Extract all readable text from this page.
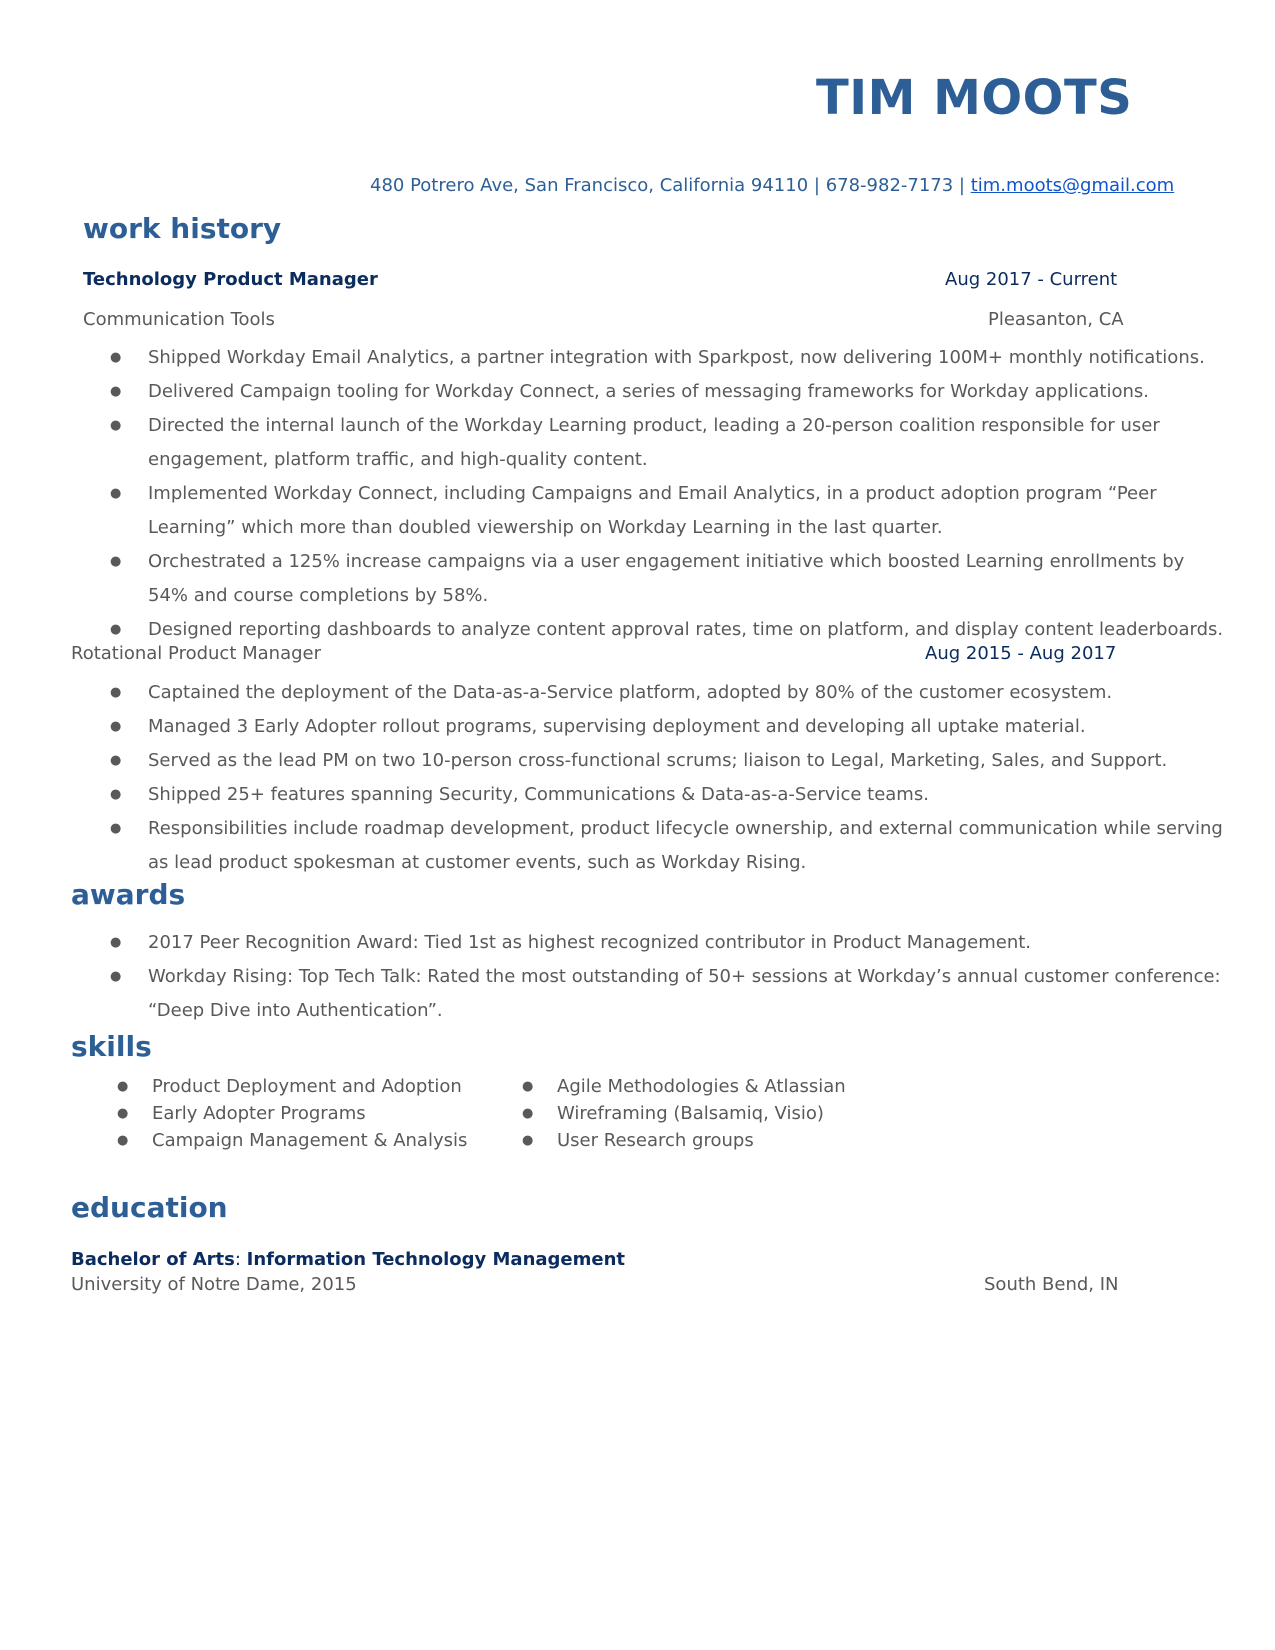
TIM MOOTS
480 Potrero Ave, San Francisco, California 94110 | 678-982-7173 | tim.moots@gmail.com
work history
Technology Product Manager	Aug 2017 - Current
Communication Tools	Pleasanton, CA
● Shipped Workday Email Analytics, a partner integration with Sparkpost, now delivering 100M+ monthly notifications.
● Delivered Campaign tooling for Workday Connect, a series of messaging frameworks for Workday applications.
● Directed the internal launch of the Workday Learning product, leading a 20-person coalition responsible for user engagement, platform traffic, and high-quality content.
● Implemented Workday Connect, including Campaigns and Email Analytics, in a product adoption program “Peer Learning” which more than doubled viewership on Workday Learning in the last quarter.
● Orchestrated a 125% increase campaigns via a user engagement initiative which boosted Learning enrollments by 54% and course completions by 58%.
● Designed reporting dashboards to analyze content approval rates, time on platform, and display content leaderboards.
Rotational Product Manager	Aug 2015 - Aug 2017
● Captained the deployment of the Data-as-a-Service platform, adopted by 80% of the customer ecosystem.
● Managed 3 Early Adopter rollout programs, supervising deployment and developing all uptake material.
● Served as the lead PM on two 10-person cross-functional scrums; liaison to Legal, Marketing, Sales, and Support.
● Shipped 25+ features spanning Security, Communications & Data-as-a-Service teams.
● Responsibilities include roadmap development, product lifecycle ownership, and external communication while serving as lead product spokesman at customer events, such as Workday Rising.
awards
● 2017 Peer Recognition Award: Tied 1st as highest recognized contributor in Product Management.
● Workday Rising: Top Tech Talk: Rated the most outstanding of 50+ sessions at Workday’s annual customer conference: “Deep Dive into Authentication”.
skills
● Product Deployment and Adoption
● Early Adopter Programs
● Campaign Management & Analysis
● Agile Methodologies & Atlassian
● Wireframing (Balsamiq, Visio)
● User Research groups
education
Bachelor of Arts: Information Technology Management
University of Notre Dame, 2015	South Bend, IN
